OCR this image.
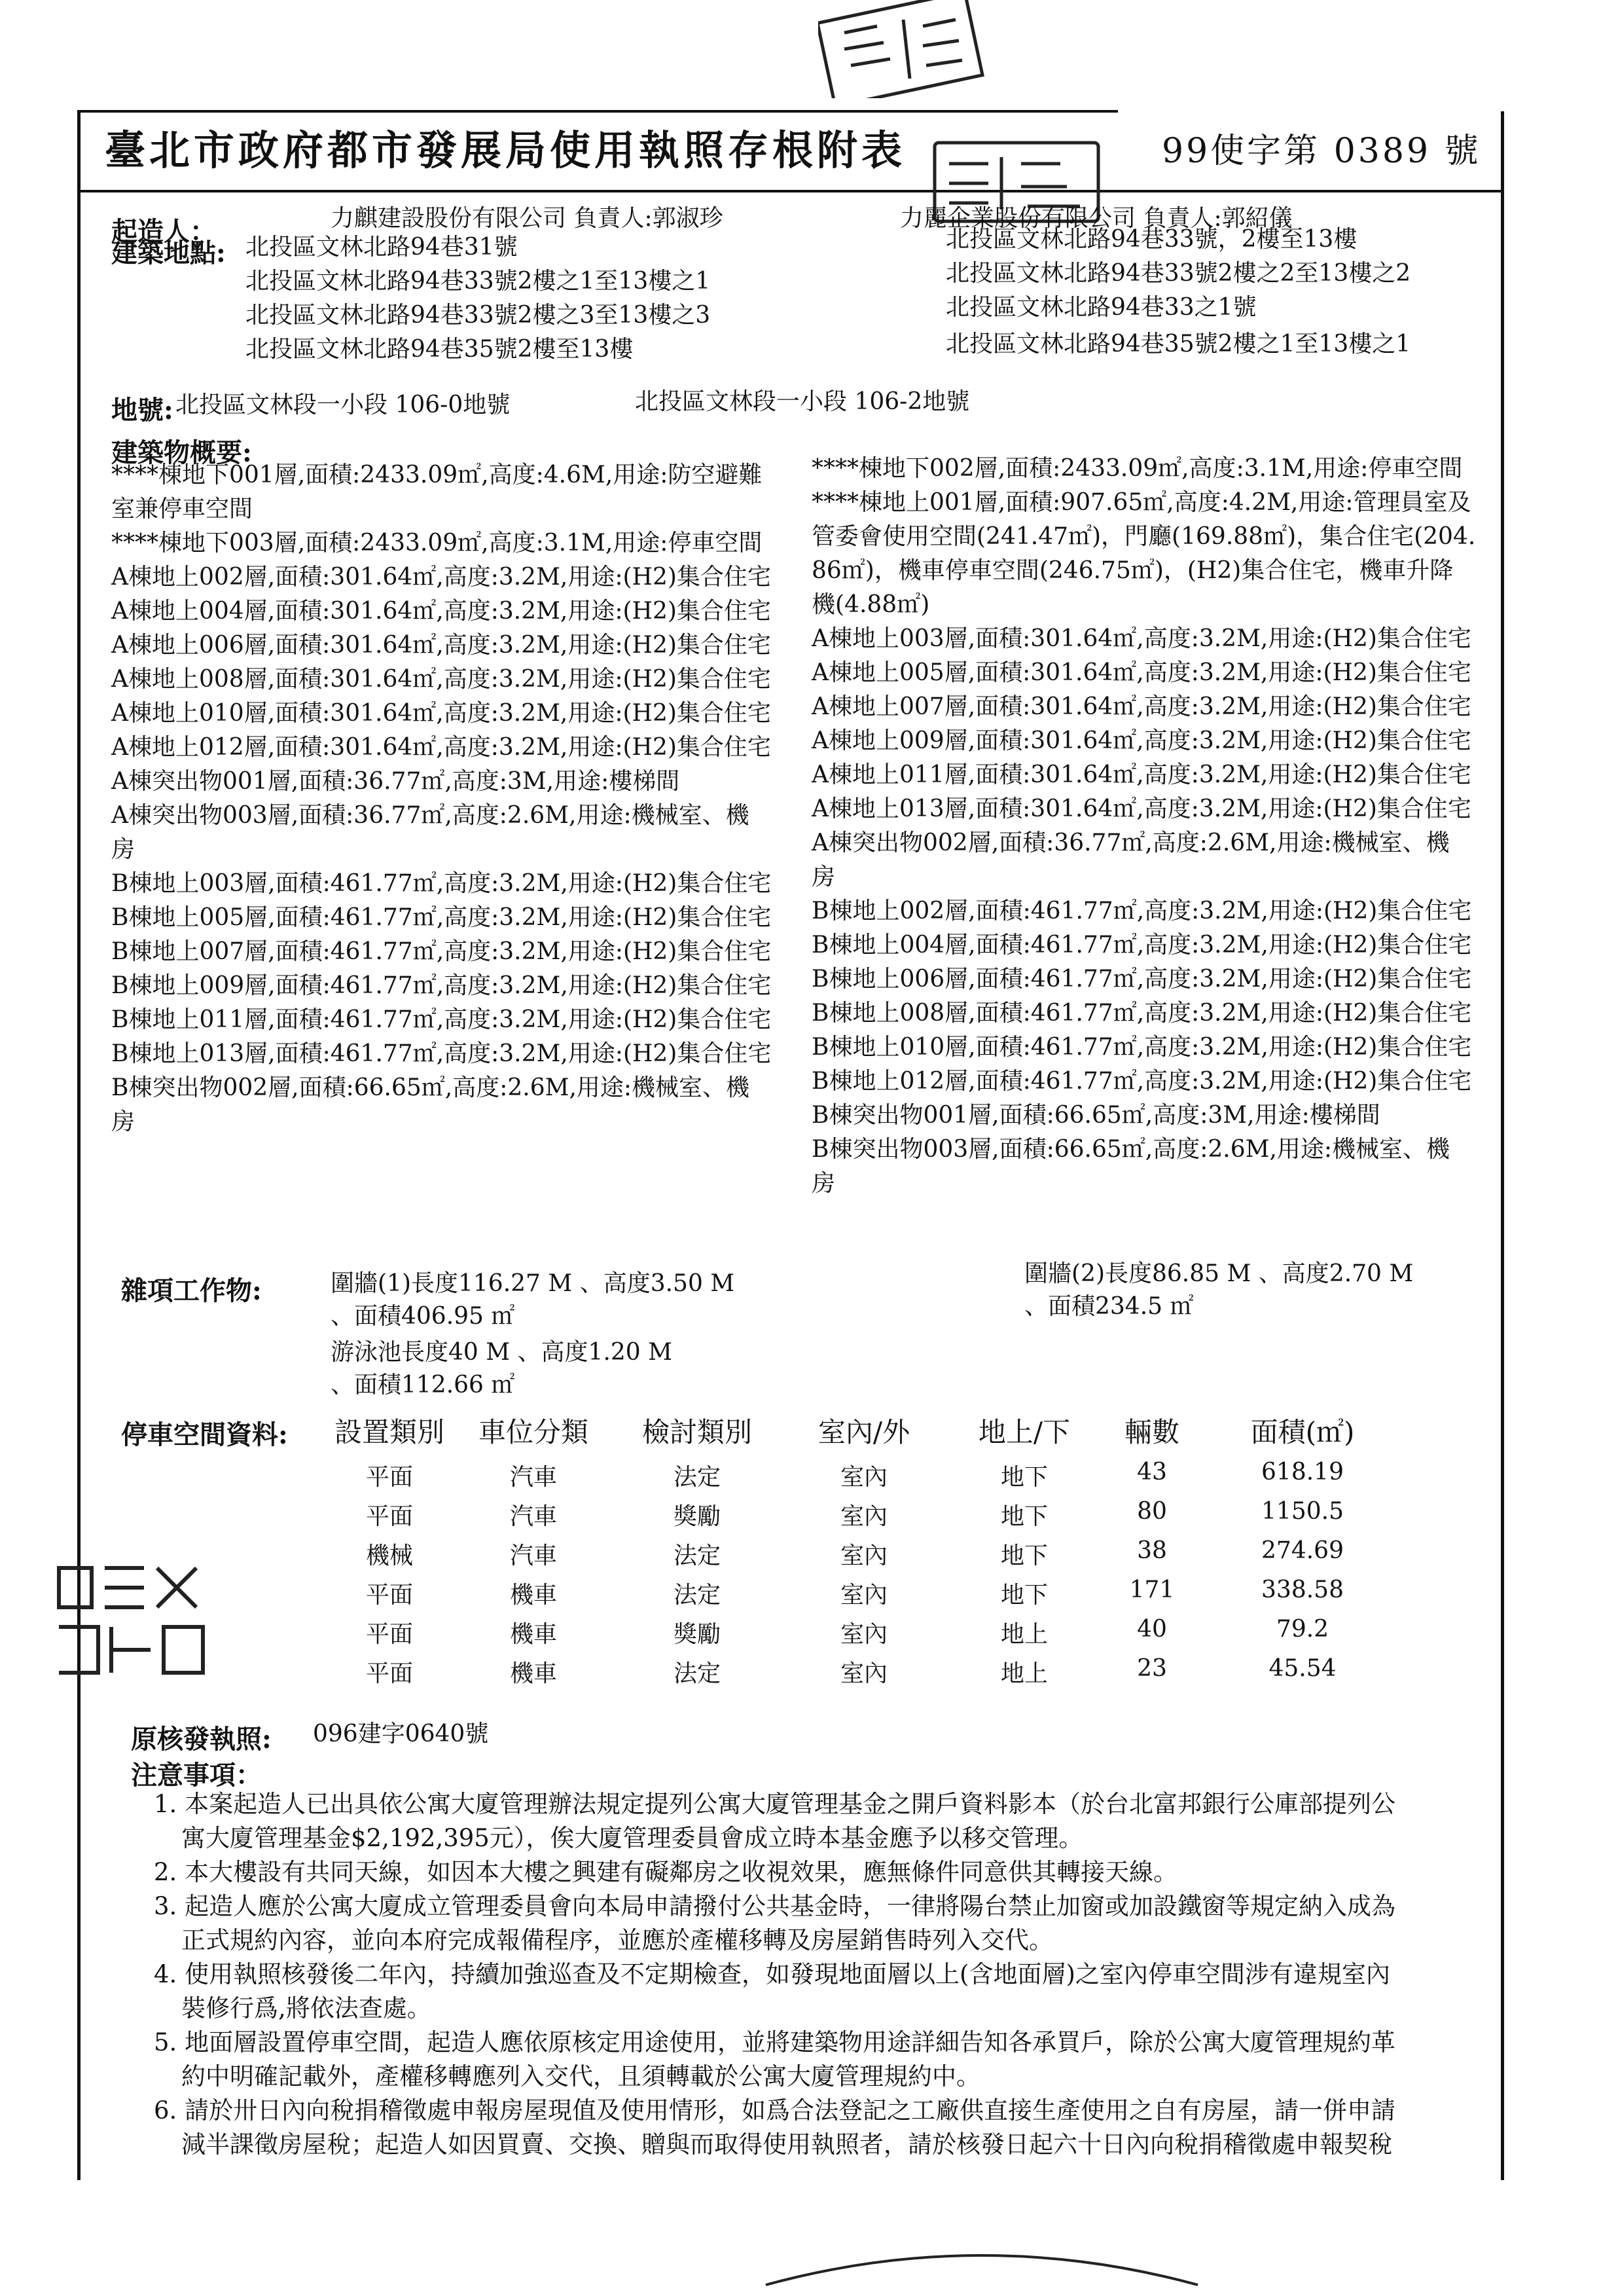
臺北市政府都市發展局使用執照存根附表	99使字第 0389 號
起造人：	力麒建設股份有限公司 負責人:郭淑珍	力麗企業股份有限公司 負責人:郭紹儀
建築地點: 北投區文林北路94巷31號
北投區文林北路94巷33號2樓之1至13樓之1
北投區文林北路94巷33號2樓之3至13樓之3
北投區文林北路94巷35號2樓至13樓
北投區文林北路94巷33號，2樓至13樓
北投區文林北路94巷33號2樓之2至13樓之2
北投區文林北路94巷33之1號
北投區文林北路94巷35號2樓之1至13樓之1
地號: 北投區文林段一小段 106-0地號	北投區文林段一小段 106-2地號
建築物概要:
****棟地下001層,面積:2433.09㎡,高度:4.6M,用途:防空避難
室兼停車空間
****棟地下003層,面積:2433.09㎡,高度:3.1M,用途:停車空間
A棟地上002層,面積:301.64㎡,高度:3.2M,用途:(H2)集合住宅
A棟地上004層,面積:301.64㎡,高度:3.2M,用途:(H2)集合住宅
A棟地上006層,面積:301.64㎡,高度:3.2M,用途:(H2)集合住宅
A棟地上008層,面積:301.64㎡,高度:3.2M,用途:(H2)集合住宅
A棟地上010層,面積:301.64㎡,高度:3.2M,用途:(H2)集合住宅
A棟地上012層,面積:301.64㎡,高度:3.2M,用途:(H2)集合住宅
A棟突出物001層,面積:36.77㎡,高度:3M,用途:樓梯間
A棟突出物003層,面積:36.77㎡,高度:2.6M,用途:機械室、機
房
B棟地上003層,面積:461.77㎡,高度:3.2M,用途:(H2)集合住宅
B棟地上005層,面積:461.77㎡,高度:3.2M,用途:(H2)集合住宅
B棟地上007層,面積:461.77㎡,高度:3.2M,用途:(H2)集合住宅
B棟地上009層,面積:461.77㎡,高度:3.2M,用途:(H2)集合住宅
B棟地上011層,面積:461.77㎡,高度:3.2M,用途:(H2)集合住宅
B棟地上013層,面積:461.77㎡,高度:3.2M,用途:(H2)集合住宅
B棟突出物002層,面積:66.65㎡,高度:2.6M,用途:機械室、機
房
****棟地下002層,面積:2433.09㎡,高度:3.1M,用途:停車空間
****棟地上001層,面積:907.65㎡,高度:4.2M,用途:管理員室及
管委會使用空間(241.47㎡)，門廳(169.88㎡)，集合住宅(204.
86㎡)，機車停車空間(246.75㎡)，(H2)集合住宅，機車升降
機(4.88㎡)
A棟地上003層,面積:301.64㎡,高度:3.2M,用途:(H2)集合住宅
A棟地上005層,面積:301.64㎡,高度:3.2M,用途:(H2)集合住宅
A棟地上007層,面積:301.64㎡,高度:3.2M,用途:(H2)集合住宅
A棟地上009層,面積:301.64㎡,高度:3.2M,用途:(H2)集合住宅
A棟地上011層,面積:301.64㎡,高度:3.2M,用途:(H2)集合住宅
A棟地上013層,面積:301.64㎡,高度:3.2M,用途:(H2)集合住宅
A棟突出物002層,面積:36.77㎡,高度:2.6M,用途:機械室、機
房
B棟地上002層,面積:461.77㎡,高度:3.2M,用途:(H2)集合住宅
B棟地上004層,面積:461.77㎡,高度:3.2M,用途:(H2)集合住宅
B棟地上006層,面積:461.77㎡,高度:3.2M,用途:(H2)集合住宅
B棟地上008層,面積:461.77㎡,高度:3.2M,用途:(H2)集合住宅
B棟地上010層,面積:461.77㎡,高度:3.2M,用途:(H2)集合住宅
B棟地上012層,面積:461.77㎡,高度:3.2M,用途:(H2)集合住宅
B棟突出物001層,面積:66.65㎡,高度:3M,用途:樓梯間
B棟突出物003層,面積:66.65㎡,高度:2.6M,用途:機械室、機
房
雜項工作物:	圍牆(1)長度116.27 M 、高度3.50 M
、面積406.95 ㎡
游泳池長度40 M 、高度1.20 M
、面積112.66 ㎡
圍牆(2)長度86.85 M 、高度2.70 M
、面積234.5 ㎡
停車空間資料:	設置類別	車位分類	檢討類別	室內/外	地上/下	輛數	面積(㎡)
平面	汽車	法定	室內	地下	43	618.19
平面	汽車	獎勵	室內	地下	80	1150.5
機械	汽車	法定	室內	地下	38	274.69
平面	機車	法定	室內	地下	171	338.58
平面	機車	獎勵	室內	地上	40	79.2
平面	機車	法定	室內	地上	23	45.54
原核發執照: 096建字0640號
注意事項：
1. 本案起造人已出具依公寓大廈管理辦法規定提列公寓大廈管理基金之開戶資料影本（於台北富邦銀行公庫部提列公
寓大廈管理基金$2,192,395元），俟大廈管理委員會成立時本基金應予以移交管理。
2. 本大樓設有共同天線，如因本大樓之興建有礙鄰房之收視效果，應無條件同意供其轉接天線。
3. 起造人應於公寓大廈成立管理委員會向本局申請撥付公共基金時，一律將陽台禁止加窗或加設鐵窗等規定納入成為
正式規約內容，並向本府完成報備程序，並應於產權移轉及房屋銷售時列入交代。
4. 使用執照核發後二年內，持續加強巡查及不定期檢查，如發現地面層以上(含地面層)之室內停車空間涉有違規室內
裝修行爲,將依法查處。
5. 地面層設置停車空間，起造人應依原核定用途使用，並將建築物用途詳細告知各承買戶，除於公寓大廈管理規約革
約中明確記載外，產權移轉應列入交代，且須轉載於公寓大廈管理規約中。
6. 請於卅日內向稅捐稽徵處申報房屋現值及使用情形，如爲合法登記之工廠供直接生產使用之自有房屋，請一併申請
減半課徵房屋稅；起造人如因買賣、交換、贈與而取得使用執照者，請於核發日起六十日內向稅捐稽徵處申報契稅
